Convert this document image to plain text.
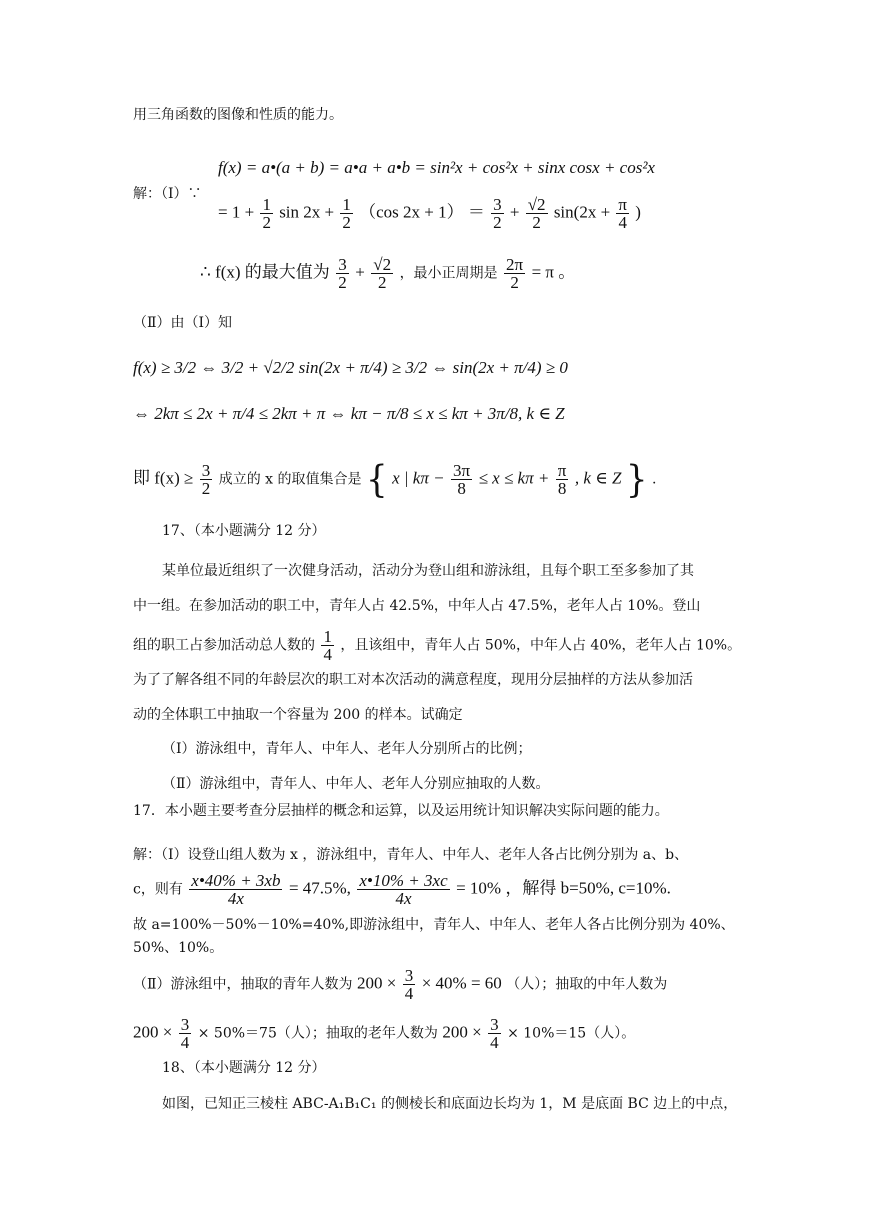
用三角函数的图像和性质的能力。
f(x) = a•(a + b) = a•a + a•b = sin²x + cos²x + sinx cosx + cos²x
解：（Ⅰ）∵
= $1 + \frac{1}{2}$ $\sin 2x + \frac{1}{2} (\cos$ $2x + 1) = \frac{3}{2} + \frac{√2}{2} \sin(2x + \frac{\pi}{4}$ )
∴ f(x) 的最大值为 $\frac{3}{2} + \frac{√2}{2}$ ，最小正周期是 $\frac{2\pi}{2} = \pi$ 。
（Ⅱ）由（Ⅰ）知
f(x) ≥ 3/2 ⇔ 3/2 + √2/2 sin(2x + π/4) ≥ 3/2 ⇔ sin(2x + π/4) ≥ 0
⇔ 2kπ ≤ 2x + π/4 ≤ 2kπ + π ⇔ kπ − π/8 ≤ x ≤ kπ + 3π/8, k ∈ Z
即 $f(x) \ge \frac{3}{2}$ 成立的 x 的取值集合是 { x | $k\pi - \frac{3\pi}{8} \le x \le k\pi + \frac{\pi}{8}$ , k ∈ Z } .
17、（本小题满分 12 分）
某单位最近组织了一次健身活动，活动分为登山组和游泳组，且每个职工至多参加了其
中一组。在参加活动的职工中，青年人占 42.5%，中年人占 47.5%，老年人占 10%。登山
组的职工占参加活动总人数的 $\frac{1}{4}$ ，且该组中，青年人占 50%，中年人占 40%，老年人占 10%。
为了了解各组不同的年龄层次的职工对本次活动的满意程度，现用分层抽样的方法从参加活
动的全体职工中抽取一个容量为 200 的样本。试确定
（Ⅰ）游泳组中，青年人、中年人、老年人分别所占的比例；
（Ⅱ）游泳组中，青年人、中年人、老年人分别应抽取的人数。
17．本小题主要考查分层抽样的概念和运算，以及运用统计知识解决实际问题的能力。
解：（Ⅰ）设登山组人数为 x ，游泳组中，青年人、中年人、老年人各占比例分别为 a、b、
c，则有 $\frac{x•40\% + 3xb}{4x} = 47.5\%$, $\frac{x•10\% + 3xc}{4x} = 10\%$ ，解得 b=50%, c=10%.
故 a=100%－50%－10%=40%,即游泳组中，青年人、中年人、老年人各占比例分别为 40%、
50%、10%。
（Ⅱ）游泳组中，抽取的青年人数为 $200 \times \frac{3}{4} \times 40\% = 60$ （人）；抽取的中年人数为
$200 \times \frac{3}{4} \times 50\%=75$（人）；抽取的老年人数为 $200 \times \frac{3}{4} \times 10\%=15$（人）。
18、（本小题满分 12 分）
如图，已知正三棱柱 ABC-A₁B₁C₁ 的侧棱长和底面边长均为 1，M 是底面 BC 边上的中点，
